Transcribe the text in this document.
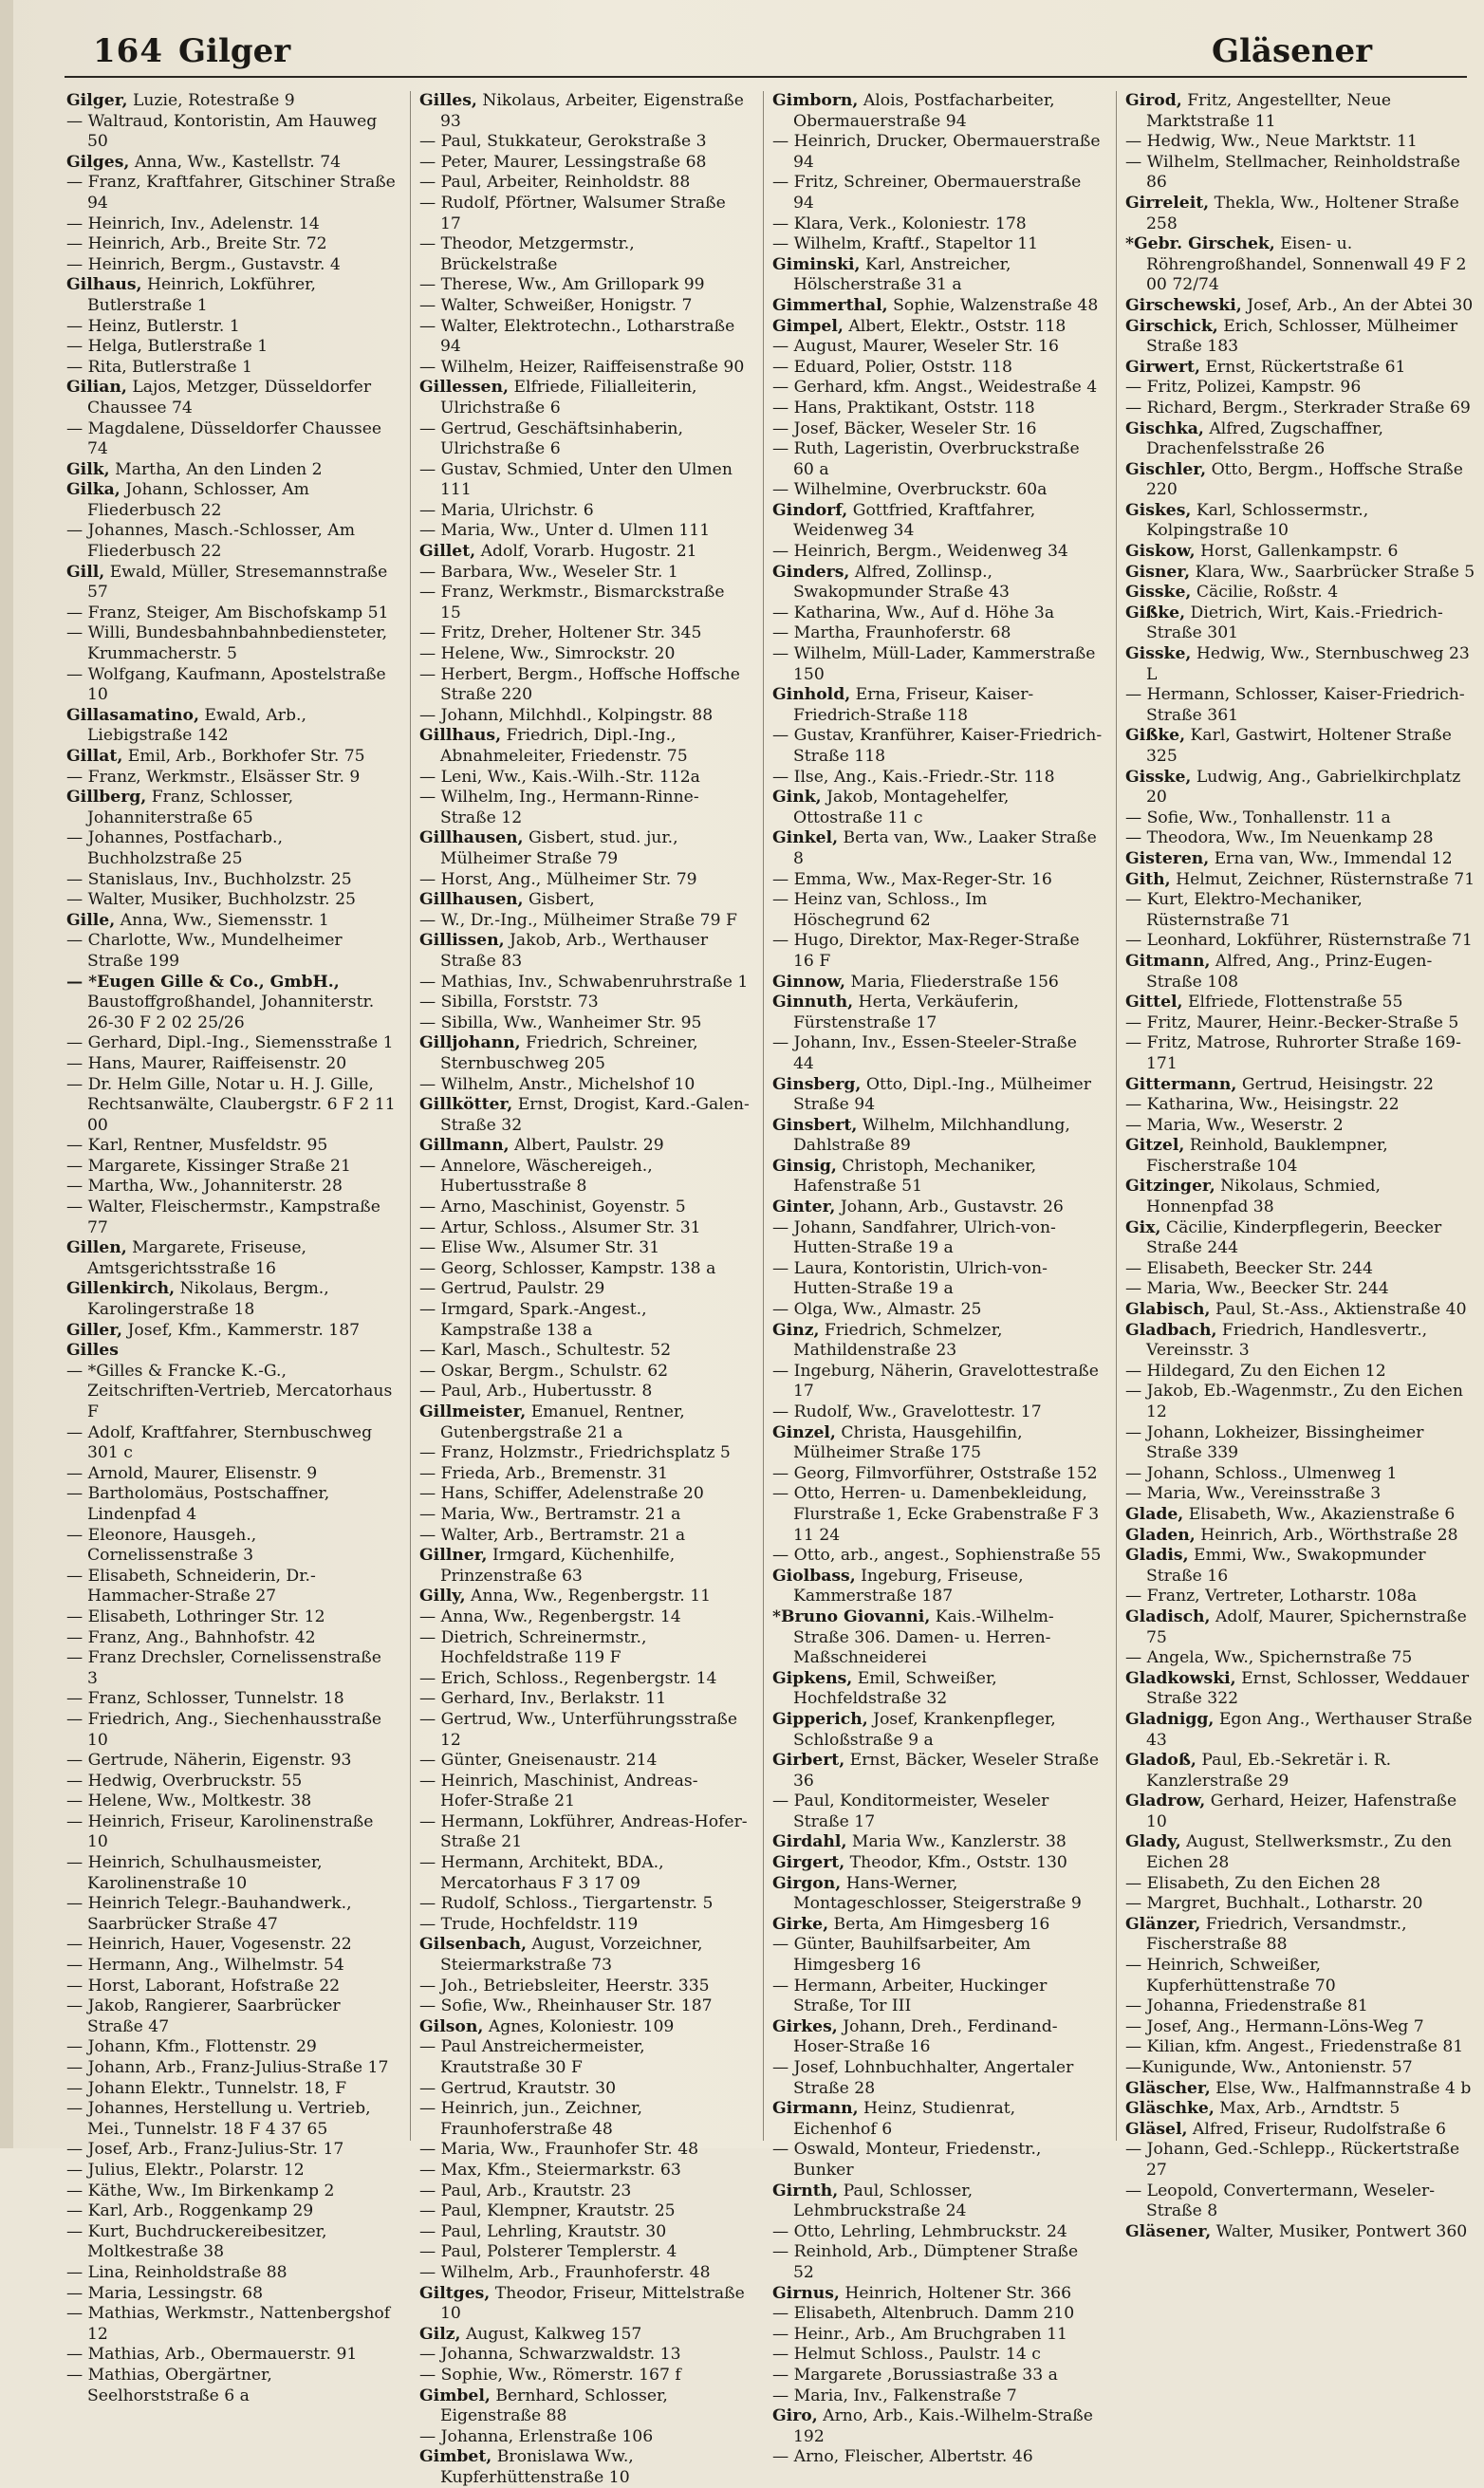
164 Gilger	Gläsener

Gilger, Luzie, Rotestraße 9

— Waltraud, Kontoristin, Am Hauweg 50

Gilges, Anna, Ww., Kastellstr. 74

— Franz, Kraftfahrer, Gitschiner Straße 94

— Heinrich, Inv., Adelenstr. 14

— Heinrich, Arb., Breite Str. 72

— Heinrich, Bergm., Gustavstr. 4

Gilhaus, Heinrich, Lokführer, Butlerstraße 1

— Heinz, Butlerstr. 1

— Helga, Butlerstraße 1

— Rita, Butlerstraße 1

Gilian, Lajos, Metzger, Düsseldorfer Chaussee 74

— Magdalene, Düsseldorfer Chaussee 74

Gilk, Martha, An den Linden 2

Gilka, Johann, Schlosser, Am Fliederbusch 22

— Johannes, Masch.-Schlosser, Am Fliederbusch 22

Gill, Ewald, Müller, Stresemannstraße 57

— Franz, Steiger, Am Bischofskamp 51

— Willi, Bundesbahnbahnbediensteter, Krummacherstr. 5

— Wolfgang, Kaufmann, Apostelstraße 10

Gillasamatino, Ewald, Arb., Liebigstraße 142

Gillat, Emil, Arb., Borkhofer Str. 75

— Franz, Werkmstr., Elsässer Str. 9

Gillberg, Franz, Schlosser, Johanniterstraße 65

— Johannes, Postfacharb., Buchholzstraße 25

— Stanislaus, Inv., Buchholzstr. 25

— Walter, Musiker, Buchholzstr. 25

Gille, Anna, Ww., Siemensstr. 1

— Charlotte, Ww., Mundelheimer Straße 199

— *Eugen Gille & Co., GmbH., Baustoffgroßhandel, Johanniterstr. 26-30 F 2 02 25/26

— Gerhard, Dipl.-Ing., Siemensstraße 1

— Hans, Maurer, Raiffeisenstr. 20

— Dr. Helm Gille, Notar u. H. J. Gille, Rechtsanwälte, Claubergstr. 6 F 2 11 00

— Karl, Rentner, Musfeldstr. 95

— Margarete, Kissinger Straße 21

— Martha, Ww., Johanniterstr. 28

— Walter, Fleischermstr., Kampstraße 77

Gillen, Margarete, Friseuse, Amtsgerichtsstraße 16

Gillenkirch, Nikolaus, Bergm., Karolingerstraße 18

Giller, Josef, Kfm., Kammerstr. 187

Gilles

— *Gilles & Francke K.-G., Zeitschriften-Vertrieb, Mercatorhaus F

— Adolf, Kraftfahrer, Sternbuschweg 301 c

— Arnold, Maurer, Elisenstr. 9

— Bartholomäus, Postschaffner, Lindenpfad 4

— Eleonore, Hausgeh., Cornelissenstraße 3

— Elisabeth, Schneiderin, Dr.-Hammacher-Straße 27

— Elisabeth, Lothringer Str. 12

— Franz, Ang., Bahnhofstr. 42

— Franz Drechsler, Cornelissenstraße 3

— Franz, Schlosser, Tunnelstr. 18

— Friedrich, Ang., Siechenhausstraße 10

— Gertrude, Näherin, Eigenstr. 93

— Hedwig, Overbruckstr. 55

— Helene, Ww., Moltkestr. 38

— Heinrich, Friseur, Karolinenstraße 10

— Heinrich, Schulhausmeister, Karolinenstraße 10

— Heinrich Telegr.-Bauhandwerk., Saarbrücker Straße 47

— Heinrich, Hauer, Vogesenstr. 22

— Hermann, Ang., Wilhelmstr. 54

— Horst, Laborant, Hofstraße 22

— Jakob, Rangierer, Saarbrücker Straße 47

— Johann, Kfm., Flottenstr. 29

— Johann, Arb., Franz-Julius-Straße 17

— Johann Elektr., Tunnelstr. 18, F

— Johannes, Herstellung u. Vertrieb, Mei., Tunnelstr. 18 F 4 37 65

— Josef, Arb., Franz-Julius-Str. 17

— Julius, Elektr., Polarstr. 12

— Käthe, Ww., Im Birkenkamp 2

— Karl, Arb., Roggenkamp 29

— Kurt, Buchdruckereibesitzer, Moltkestraße 38

— Lina, Reinholdstraße 88

— Maria, Lessingstr. 68

— Mathias, Werkmstr., Nattenbergshof 12

— Mathias, Arb., Obermauerstr. 91

— Mathias, Obergärtner, Seelhorststraße 6 a

Gilles, Nikolaus, Arbeiter, Eigenstraße 93

— Paul, Stukkateur, Gerokstraße 3

— Peter, Maurer, Lessingstraße 68

— Paul, Arbeiter, Reinholdstr. 88

— Rudolf, Pförtner, Walsumer Straße 17

— Theodor, Metzgermstr., Brückelstraße

— Therese, Ww., Am Grillopark 99

— Walter, Schweißer, Honigstr. 7

— Walter, Elektrotechn., Lotharstraße 94

— Wilhelm, Heizer, Raiffeisenstraße 90

Gillessen, Elfriede, Filialleiterin, Ulrichstraße 6

— Gertrud, Geschäftsinhaberin, Ulrichstraße 6

— Gustav, Schmied, Unter den Ulmen 111

— Maria, Ulrichstr. 6

— Maria, Ww., Unter d. Ulmen 111

Gillet, Adolf, Vorarb. Hugostr. 21

— Barbara, Ww., Weseler Str. 1

— Franz, Werkmstr., Bismarckstraße 15

— Fritz, Dreher, Holtener Str. 345

— Helene, Ww., Simrockstr. 20

— Herbert, Bergm., Hoffsche Hoffsche Straße 220

— Johann, Milchhdl., Kolpingstr. 88

Gillhaus, Friedrich, Dipl.-Ing., Abnahmeleiter, Friedenstr. 75

— Leni, Ww., Kais.-Wilh.-Str. 112a

— Wilhelm, Ing., Hermann-Rinne-Straße 12

Gillhausen, Gisbert, stud. jur., Mülheimer Straße 79

— Horst, Ang., Mülheimer Str. 79

Gillhausen, Gisbert,

— W., Dr.-Ing., Mülheimer Straße 79 F

Gillissen, Jakob, Arb., Werthauser Straße 83

— Mathias, Inv., Schwabenruhrstraße 1

— Sibilla, Forststr. 73

— Sibilla, Ww., Wanheimer Str. 95

Gilljohann, Friedrich, Schreiner, Sternbuschweg 205

— Wilhelm, Anstr., Michelshof 10

Gillkötter, Ernst, Drogist, Kard.-Galen-Straße 32

Gillmann, Albert, Paulstr. 29

— Annelore, Wäschereigeh., Hubertusstraße 8

— Arno, Maschinist, Goyenstr. 5

— Artur, Schloss., Alsumer Str. 31

— Elise Ww., Alsumer Str. 31

— Georg, Schlosser, Kampstr. 138 a

— Gertrud, Paulstr. 29

— Irmgard, Spark.-Angest., Kampstraße 138 a

— Karl, Masch., Schultestr. 52

— Oskar, Bergm., Schulstr. 62

— Paul, Arb., Hubertusstr. 8

Gillmeister, Emanuel, Rentner, Gutenbergstraße 21 a

— Franz, Holzmstr., Friedrichsplatz 5

— Frieda, Arb., Bremenstr. 31

— Hans, Schiffer, Adelenstraße 20

— Maria, Ww., Bertramstr. 21 a

— Walter, Arb., Bertramstr. 21 a

Gillner, Irmgard, Küchenhilfe, Prinzenstraße 63

Gilly, Anna, Ww., Regenbergstr. 11

— Anna, Ww., Regenbergstr. 14

— Dietrich, Schreinermstr., Hochfeldstraße 119 F

— Erich, Schloss., Regenbergstr. 14

— Gerhard, Inv., Berlakstr. 11

— Gertrud, Ww., Unterführungsstraße 12

— Günter, Gneisenaustr. 214

— Heinrich, Maschinist, Andreas-Hofer-Straße 21

— Hermann, Lokführer, Andreas-Hofer-Straße 21

— Hermann, Architekt, BDA., Mercatorhaus F 3 17 09

— Rudolf, Schloss., Tiergartenstr. 5

— Trude, Hochfeldstr. 119

Gilsenbach, August, Vorzeichner, Steiermarkstraße 73

— Joh., Betriebsleiter, Heerstr. 335

— Sofie, Ww., Rheinhauser Str. 187

Gilson, Agnes, Koloniestr. 109

— Paul Anstreichermeister, Krautstraße 30 F

— Gertrud, Krautstr. 30

— Heinrich, jun., Zeichner, Fraunhoferstraße 48

— Maria, Ww., Fraunhofer Str. 48

— Max, Kfm., Steiermarkstr. 63

— Paul, Arb., Krautstr. 23

— Paul, Klempner, Krautstr. 25

— Paul, Lehrling, Krautstr. 30

— Paul, Polsterer Templerstr. 4

— Wilhelm, Arb., Fraunhoferstr. 48

Giltges, Theodor, Friseur, Mittelstraße 10

Gilz, August, Kalkweg 157

— Johanna, Schwarzwaldstr. 13

— Sophie, Ww., Römerstr. 167 f

Gimbel, Bernhard, Schlosser, Eigenstraße 88

— Johanna, Erlenstraße 106

Gimbet, Bronislawa Ww., Kupferhüttenstraße 10

Gimborn, Alois, Postfacharbeiter, Obermauerstraße 94

— Heinrich, Drucker, Obermauerstraße 94

— Fritz, Schreiner, Obermauerstraße 94

— Klara, Verk., Koloniestr. 178

— Wilhelm, Kraftf., Stapeltor 11

Giminski, Karl, Anstreicher, Hölscherstraße 31 a

Gimmerthal, Sophie, Walzenstraße 48

Gimpel, Albert, Elektr., Oststr. 118

— August, Maurer, Weseler Str. 16

— Eduard, Polier, Oststr. 118

— Gerhard, kfm. Angst., Weidestraße 4

— Hans, Praktikant, Oststr. 118

— Josef, Bäcker, Weseler Str. 16

— Ruth, Lageristin, Overbruckstraße 60 a

— Wilhelmine, Overbruckstr. 60a

Gindorf, Gottfried, Kraftfahrer, Weidenweg 34

— Heinrich, Bergm., Weidenweg 34

Ginders, Alfred, Zollinsp., Swakopmunder Straße 43

— Katharina, Ww., Auf d. Höhe 3a

— Martha, Fraunhoferstr. 68

— Wilhelm, Müll-Lader, Kammerstraße 150

Ginhold, Erna, Friseur, Kaiser-Friedrich-Straße 118

— Gustav, Kranführer, Kaiser-Friedrich-Straße 118

— Ilse, Ang., Kais.-Friedr.-Str. 118

Gink, Jakob, Montagehelfer, Ottostraße 11 c

Ginkel, Berta van, Ww., Laaker Straße 8

— Emma, Ww., Max-Reger-Str. 16

— Heinz van, Schloss., Im Höschegrund 62

— Hugo, Direktor, Max-Reger-Straße 16 F

Ginnow, Maria, Fliederstraße 156

Ginnuth, Herta, Verkäuferin, Fürstenstraße 17

— Johann, Inv., Essen-Steeler-Straße 44

Ginsberg, Otto, Dipl.-Ing., Mülheimer Straße 94

Ginsbert, Wilhelm, Milchhandlung, Dahlstraße 89

Ginsig, Christoph, Mechaniker, Hafenstraße 51

Ginter, Johann, Arb., Gustavstr. 26

— Johann, Sandfahrer, Ulrich-von-Hutten-Straße 19 a

— Laura, Kontoristin, Ulrich-von-Hutten-Straße 19 a

— Olga, Ww., Almastr. 25

Ginz, Friedrich, Schmelzer, Mathildenstraße 23

— Ingeburg, Näherin, Gravelottestraße 17

— Rudolf, Ww., Gravelottestr. 17

Ginzel, Christa, Hausgehilfin, Mülheimer Straße 175

— Georg, Filmvorführer, Oststraße 152

— Otto, Herren- u. Damenbekleidung, Flurstraße 1, Ecke Grabenstraße F 3 11 24

— Otto, arb., angest., Sophienstraße 55

Giolbass, Ingeburg, Friseuse, Kammerstraße 187

*Bruno Giovanni, Kais.-Wilhelm-Straße 306. Damen- u. Herren-Maßschneiderei

Gipkens, Emil, Schweißer, Hochfeldstraße 32

Gipperich, Josef, Krankenpfleger, Schloßstraße 9 a

Girbert, Ernst, Bäcker, Weseler Straße 36

— Paul, Konditormeister, Weseler Straße 17

Girdahl, Maria Ww., Kanzlerstr. 38

Girgert, Theodor, Kfm., Oststr. 130

Girgon, Hans-Werner, Montageschlosser, Steigerstraße 9

Girke, Berta, Am Himgesberg 16

— Günter, Bauhilfsarbeiter, Am Himgesberg 16

— Hermann, Arbeiter, Huckinger Straße, Tor III

Girkes, Johann, Dreh., Ferdinand-Hoser-Straße 16

— Josef, Lohnbuchhalter, Angertaler Straße 28

Girmann, Heinz, Studienrat, Eichenhof 6

— Oswald, Monteur, Friedenstr., Bunker

Girnth, Paul, Schlosser, Lehmbruckstraße 24

— Otto, Lehrling, Lehmbruckstr. 24

— Reinhold, Arb., Dümptener Straße 52

Girnus, Heinrich, Holtener Str. 366

— Elisabeth, Altenbruch. Damm 210

— Heinr., Arb., Am Bruchgraben 11

— Helmut Schloss., Paulstr. 14 c

— Margarete ,Borussiastraße 33 a

— Maria, Inv., Falkenstraße 7

Giro, Arno, Arb., Kais.-Wilhelm-Straße 192

— Arno, Fleischer, Albertstr. 46

Girod, Fritz, Angestellter, Neue Marktstraße 11

— Hedwig, Ww., Neue Marktstr. 11

— Wilhelm, Stellmacher, Reinholdstraße 86

Girreleit, Thekla, Ww., Holtener Straße 258

*Gebr. Girschek, Eisen- u. Röhrengroßhandel, Sonnenwall 49 F 2 00 72/74

Girschewski, Josef, Arb., An der Abtei 30

Girschick, Erich, Schlosser, Mülheimer Straße 183

Girwert, Ernst, Rückertstraße 61

— Fritz, Polizei, Kampstr. 96

— Richard, Bergm., Sterkrader Straße 69

Gischka, Alfred, Zugschaffner, Drachenfelsstraße 26

Gischler, Otto, Bergm., Hoffsche Straße 220

Giskes, Karl, Schlossermstr., Kolpingstraße 10

Giskow, Horst, Gallenkampstr. 6

Gisner, Klara, Ww., Saarbrücker Straße 5

Gisske, Cäcilie, Roßstr. 4

Gißke, Dietrich, Wirt, Kais.-Friedrich-Straße 301

Gisske, Hedwig, Ww., Sternbuschweg 23 L

— Hermann, Schlosser, Kaiser-Friedrich-Straße 361

Gißke, Karl, Gastwirt, Holtener Straße 325

Gisske, Ludwig, Ang., Gabrielkirchplatz 20

— Sofie, Ww., Tonhallenstr. 11 a

— Theodora, Ww., Im Neuenkamp 28

Gisteren, Erna van, Ww., Immendal 12

Gith, Helmut, Zeichner, Rüsternstraße 71

— Kurt, Elektro-Mechaniker, Rüsternstraße 71

— Leonhard, Lokführer, Rüsternstraße 71

Gitmann, Alfred, Ang., Prinz-Eugen-Straße 108

Gittel, Elfriede, Flottenstraße 55

— Fritz, Maurer, Heinr.-Becker-Straße 5

— Fritz, Matrose, Ruhrorter Straße 169-171

Gittermann, Gertrud, Heisingstr. 22

— Katharina, Ww., Heisingstr. 22

— Maria, Ww., Weserstr. 2

Gitzel, Reinhold, Bauklempner, Fischerstraße 104

Gitzinger, Nikolaus, Schmied, Honnenpfad 38

Gix, Cäcilie, Kinderpflegerin, Beecker Straße 244

— Elisabeth, Beecker Str. 244

— Maria, Ww., Beecker Str. 244

Glabisch, Paul, St.-Ass., Aktienstraße 40

Gladbach, Friedrich, Handlesvertr., Vereinsstr. 3

— Hildegard, Zu den Eichen 12

— Jakob, Eb.-Wagenmstr., Zu den Eichen 12

— Johann, Lokheizer, Bissingheimer Straße 339

— Johann, Schloss., Ulmenweg 1

— Maria, Ww., Vereinsstraße 3

Glade, Elisabeth, Ww., Akazienstraße 6

Gladen, Heinrich, Arb., Wörthstraße 28

Gladis, Emmi, Ww., Swakopmunder Straße 16

— Franz, Vertreter, Lotharstr. 108a

Gladisch, Adolf, Maurer, Spichernstraße 75

— Angela, Ww., Spichernstraße 75

Gladkowski, Ernst, Schlosser, Weddauer Straße 322

Gladnigg, Egon Ang., Werthauser Straße 43

Gladoß, Paul, Eb.-Sekretär i. R. Kanzlerstraße 29

Gladrow, Gerhard, Heizer, Hafenstraße 10

Glady, August, Stellwerksmstr., Zu den Eichen 28

— Elisabeth, Zu den Eichen 28

— Margret, Buchhalt., Lotharstr. 20

Glänzer, Friedrich, Versandmstr., Fischerstraße 88

— Heinrich, Schweißer, Kupferhüttenstraße 70

— Johanna, Friedenstraße 81

— Josef, Ang., Hermann-Löns-Weg 7

— Kilian, kfm. Angest., Friedenstraße 81

—Kunigunde, Ww., Antonienstr. 57

Gläscher, Else, Ww., Halfmannstraße 4 b

Gläschke, Max, Arb., Arndtstr. 5

Gläsel, Alfred, Friseur, Rudolfstraße 6

— Johann, Ged.-Schlepp., Rückertstraße 27

— Leopold, Convertermann, Weseler-Straße 8

Gläsener, Walter, Musiker, Pontwert 360
